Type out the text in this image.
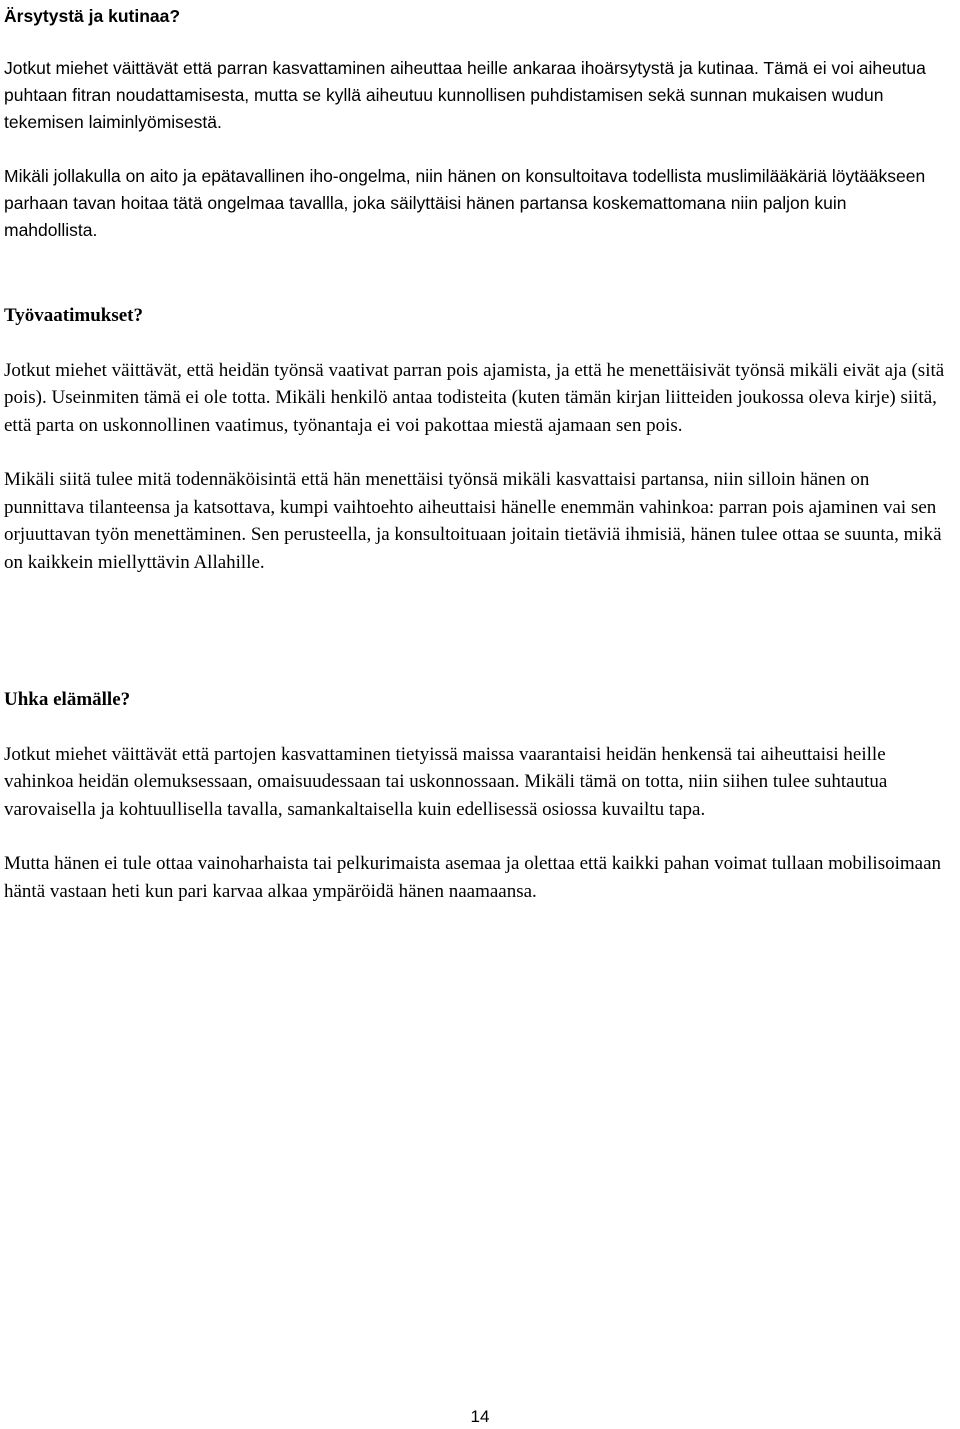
Ärsytystä ja kutinaa?

Jotkut miehet väittävät että parran kasvattaminen aiheuttaa heille ankaraa ihoärsytystä ja kutinaa. Tämä ei voi aiheutua puhtaan fitran noudattamisesta, mutta se kyllä aiheutuu kunnollisen puhdistamisen sekä sunnan mukaisen wudun tekemisen laiminlyömisestä.

Mikäli jollakulla on aito ja epätavallinen iho-ongelma, niin hänen on konsultoitava todellista muslimilääkäriä löytääkseen parhaan tavan hoitaa tätä ongelmaa tavallla, joka säilyttäisi hänen partansa koskemattomana niin paljon kuin mahdollista.

Työvaatimukset?

Jotkut miehet väittävät, että heidän työnsä vaativat parran pois ajamista, ja että he menettäisivät työnsä mikäli eivät aja (sitä pois). Useinmiten tämä ei ole totta. Mikäli henkilö antaa todisteita (kuten tämän kirjan liitteiden joukossa oleva kirje) siitä, että parta on uskonnollinen vaatimus, työnantaja ei voi pakottaa miestä ajamaan sen pois.

Mikäli siitä tulee mitä todennäköisintä että hän menettäisi työnsä mikäli kasvattaisi partansa, niin silloin hänen on punnittava tilanteensa ja katsottava, kumpi vaihtoehto aiheuttaisi hänelle enemmän vahinkoa: parran pois ajaminen vai sen orjuuttavan työn menettäminen. Sen perusteella, ja konsultoituaan joitain tietäviä ihmisiä, hänen tulee ottaa se suunta, mikä on kaikkein miellyttävin Allahille.

Uhka elämälle?

Jotkut miehet väittävät että partojen kasvattaminen tietyissä maissa vaarantaisi heidän henkensä tai aiheuttaisi heille vahinkoa heidän olemuksessaan, omaisuudessaan tai uskonnossaan. Mikäli tämä on totta, niin siihen tulee suhtautua varovaisella ja kohtuullisella tavalla, samankaltaisella kuin edellisessä osiossa kuvailtu tapa.

Mutta hänen ei tule ottaa vainoharhaista tai pelkurimaista asemaa ja olettaa että kaikki pahan voimat tullaan mobilisoimaan häntä vastaan heti kun pari karvaa alkaa ympäröidä hänen naamaansa.

14
